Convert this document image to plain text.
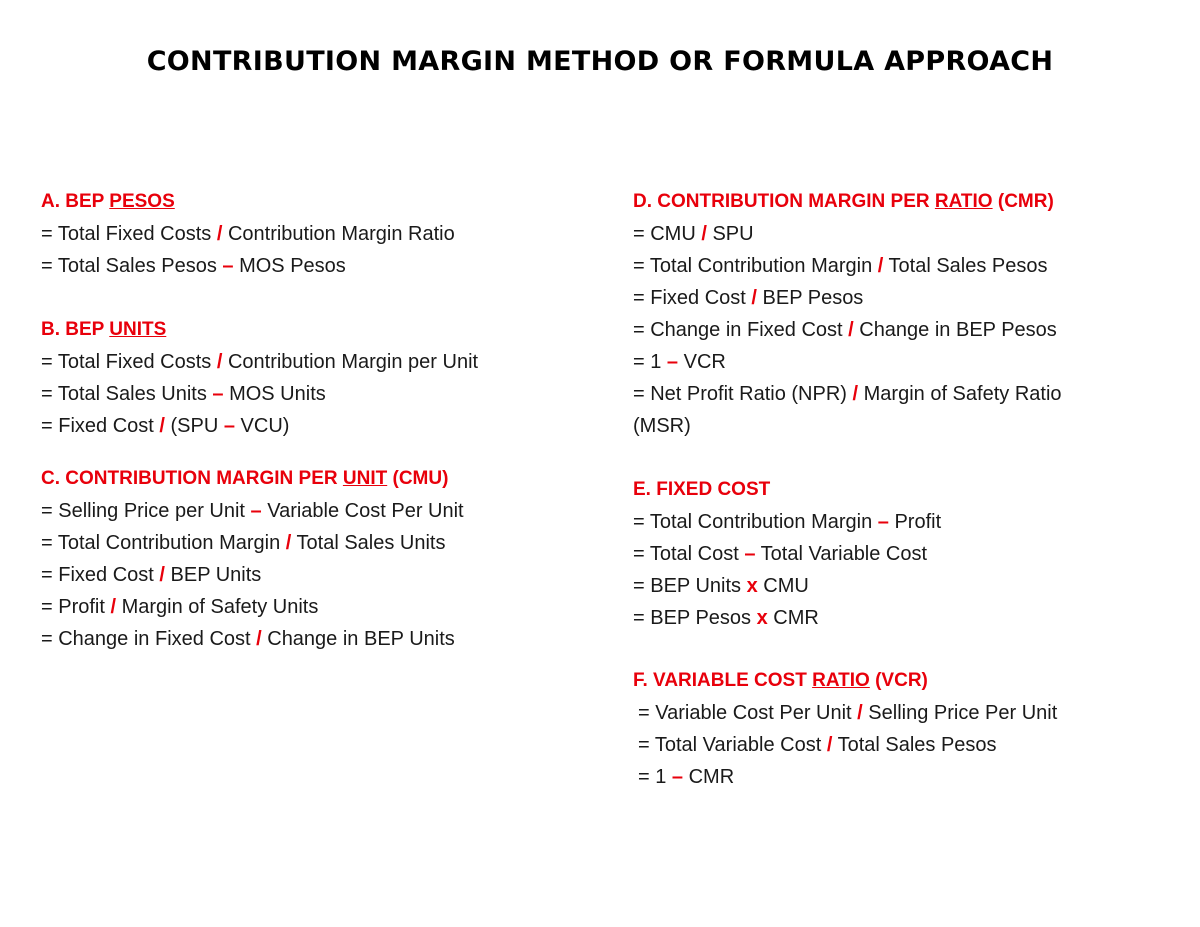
CONTRIBUTION MARGIN METHOD OR FORMULA APPROACH
A. BEP PESOS
= Total Fixed Costs / Contribution Margin Ratio
= Total Sales Pesos – MOS Pesos
B. BEP UNITS
= Total Fixed Costs / Contribution Margin per Unit
= Total Sales Units – MOS Units
= Fixed Cost / (SPU – VCU)
C. CONTRIBUTION MARGIN PER UNIT (CMU)
= Selling Price per Unit – Variable Cost Per Unit
= Total Contribution Margin / Total Sales Units
= Fixed Cost / BEP Units
= Profit / Margin of Safety Units
= Change in Fixed Cost / Change in BEP Units
D. CONTRIBUTION MARGIN PER RATIO (CMR)
= CMU / SPU
= Total Contribution Margin / Total Sales Pesos
= Fixed Cost / BEP Pesos
= Change in Fixed Cost / Change in BEP Pesos
= 1 – VCR
= Net Profit Ratio (NPR) / Margin of Safety Ratio (MSR)
E. FIXED COST
= Total Contribution Margin – Profit
= Total Cost – Total Variable Cost
= BEP Units x CMU
= BEP Pesos x CMR
F. VARIABLE COST RATIO (VCR)
= Variable Cost Per Unit / Selling Price Per Unit
= Total Variable Cost / Total Sales Pesos
= 1 – CMR
